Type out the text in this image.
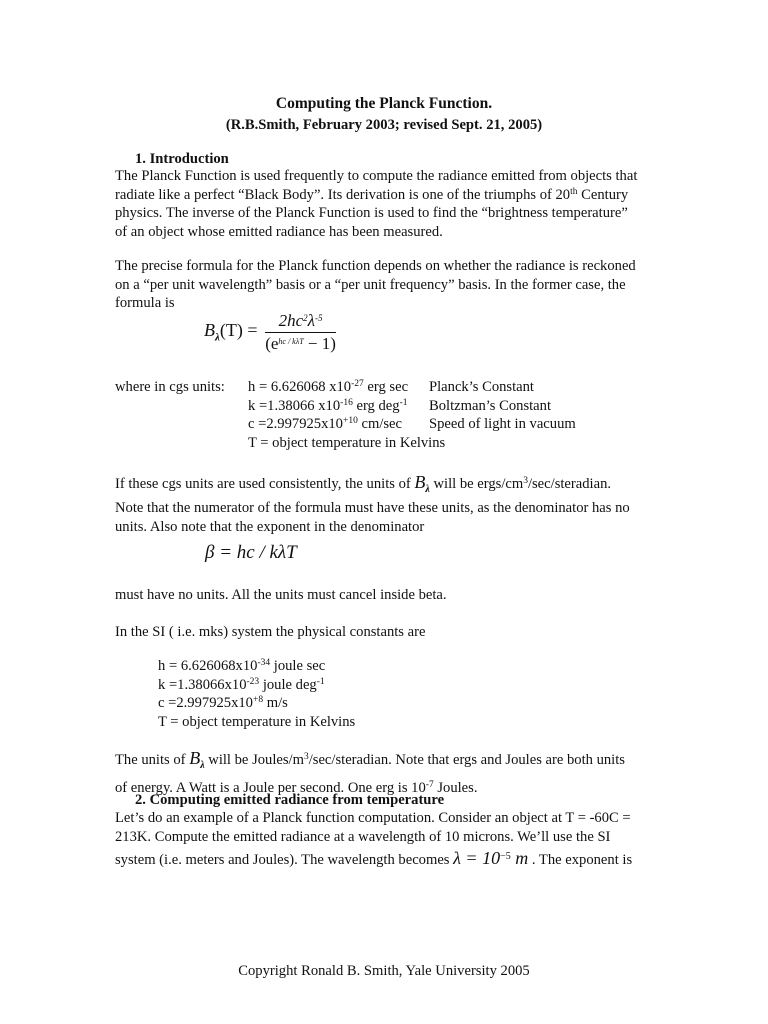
Computing the Planck Function.
(R.B.Smith, February 2003; revised Sept. 21, 2005)
1. Introduction
The Planck Function is used frequently to compute the radiance emitted from objects that
radiate like a perfect “Black Body”. Its derivation is one of the triumphs of 20th Century
physics. The inverse of the Planck Function is used to find the “brightness temperature”
of an object whose emitted radiance has been measured.
The precise formula for the Planck function depends on whether the radiance is reckoned
on a “per unit wavelength” basis or a “per unit frequency” basis. In the former case, the
formula is
$B_\lambda(T) = \frac{2hc^2\lambda^{-5}}{(e^{hc / k\lambda T} - 1)}$
where in cgs units: h = 6.626068 $x10^{-27}$ erg sec	Planck’s Constant
k =1.38066 $x10^{-16}$ erg deg$^{-1}$	Boltzman’s Constant
$c =2.997925x10^{+10}$ cm/sec	Speed of light in vacuum
T = object temperature in Kelvins	
If these cgs units are used consistently, the units of $B_\lambda$ will be ergs/$cm^3/\sec$/steradian.
Note that the numerator of the formula must have these units, as the denominator has no
units. Also note that the exponent in the denominator
β = hc / kλT
must have no units. All the units must cancel inside beta.
In the SI ( i.e. mks) system the physical constants are
$h = 6.626068x10^{-34}$ joule sec
$k =1.38066x10^{-23}$ joule deg$^{-1}$
$c =2.997925x10^{+8}$ m/s
T = object temperature in Kelvins
The units of $B_\lambda$ will be Joules/$m^3/\sec$/steradian. Note that ergs and Joules are both units
of energy. A Watt is a Joule per second. One erg is $10^{-7}$ Joules.
2. Computing emitted radiance from temperature
Let’s do an example of a Planck function computation. Consider an object at T = -60C =
213K. Compute the emitted radiance at a wavelength of 10 microns. We’ll use the SI
system (i.e. meters and Joules). The wavelength becomes $\lambda = 10^{-5}$ m . The exponent is
Copyright Ronald B. Smith, Yale University 2005
